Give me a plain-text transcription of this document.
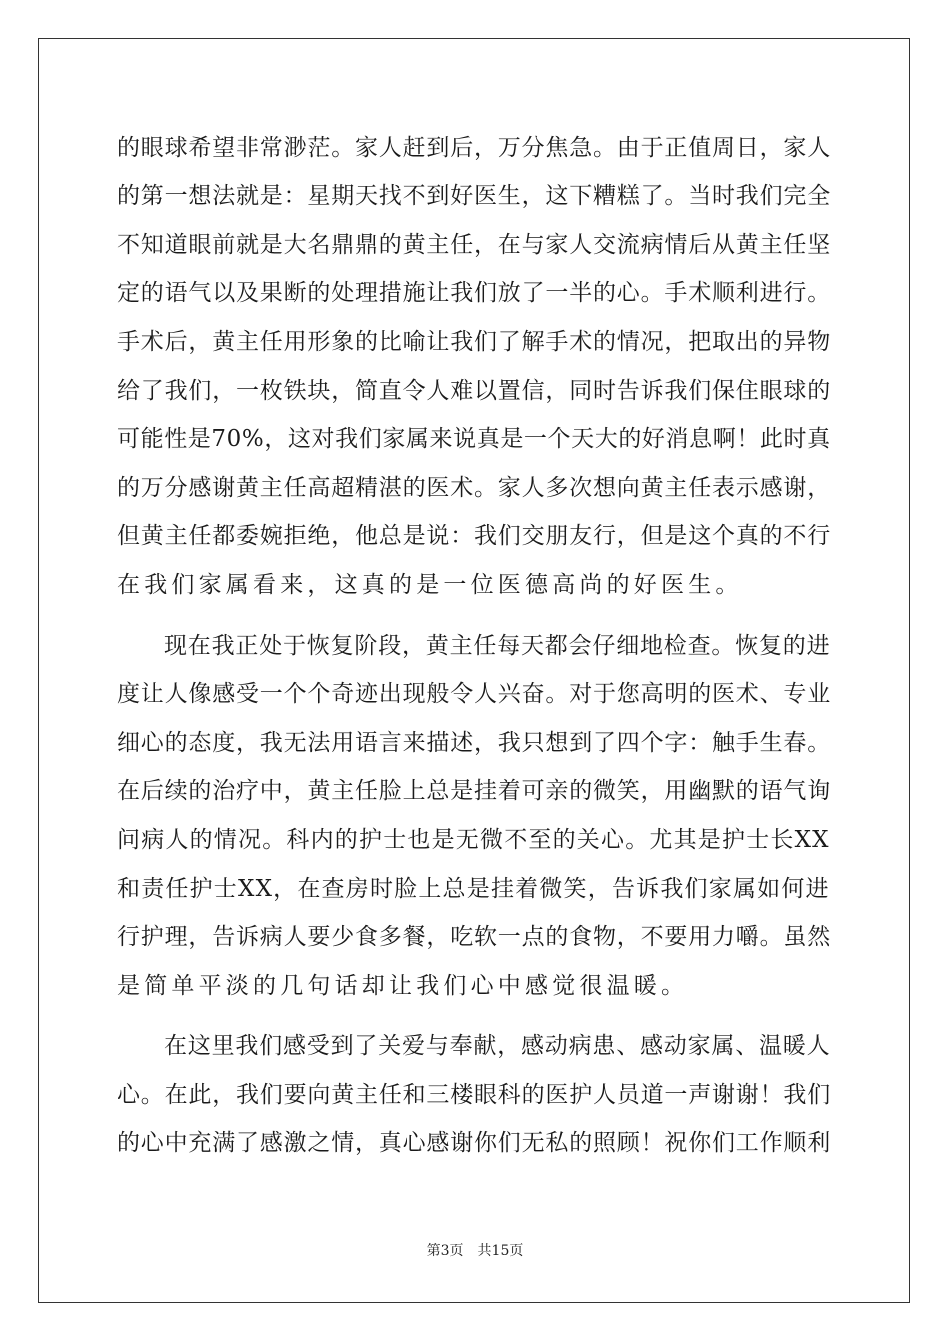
的眼球希望非常渺茫。家人赶到后，万分焦急。由于正值周日，家人
的第一想法就是：星期天找不到好医生，这下糟糕了。当时我们完全
不知道眼前就是大名鼎鼎的黄主任，在与家人交流病情后从黄主任坚
定的语气以及果断的处理措施让我们放了一半的心。手术顺利进行。
手术后，黄主任用形象的比喻让我们了解手术的情况，把取出的异物
给了我们，一枚铁块，简直令人难以置信，同时告诉我们保住眼球的
可能性是70%，这对我们家属来说真是一个天大的好消息啊！此时真
的万分感谢黄主任高超精湛的医术。家人多次想向黄主任表示感谢，
但黄主任都委婉拒绝，他总是说：我们交朋友行，但是这个真的不行
在我们家属看来，这真的是一位医德高尚的好医生。
现在我正处于恢复阶段，黄主任每天都会仔细地检查。恢复的进
度让人像感受一个个奇迹出现般令人兴奋。对于您高明的医术、专业
细心的态度，我无法用语言来描述，我只想到了四个字：触手生春。
在后续的治疗中，黄主任脸上总是挂着可亲的微笑，用幽默的语气询
问病人的情况。科内的护士也是无微不至的关心。尤其是护士长XX
和责任护士XX，在查房时脸上总是挂着微笑，告诉我们家属如何进
行护理，告诉病人要少食多餐，吃软一点的食物，不要用力嚼。虽然
是简单平淡的几句话却让我们心中感觉很温暖。
在这里我们感受到了关爱与奉献，感动病患、感动家属、温暖人
心。在此，我们要向黄主任和三楼眼科的医护人员道一声谢谢！我们
的心中充满了感激之情，真心感谢你们无私的照顾！祝你们工作顺利
第3页　共15页
